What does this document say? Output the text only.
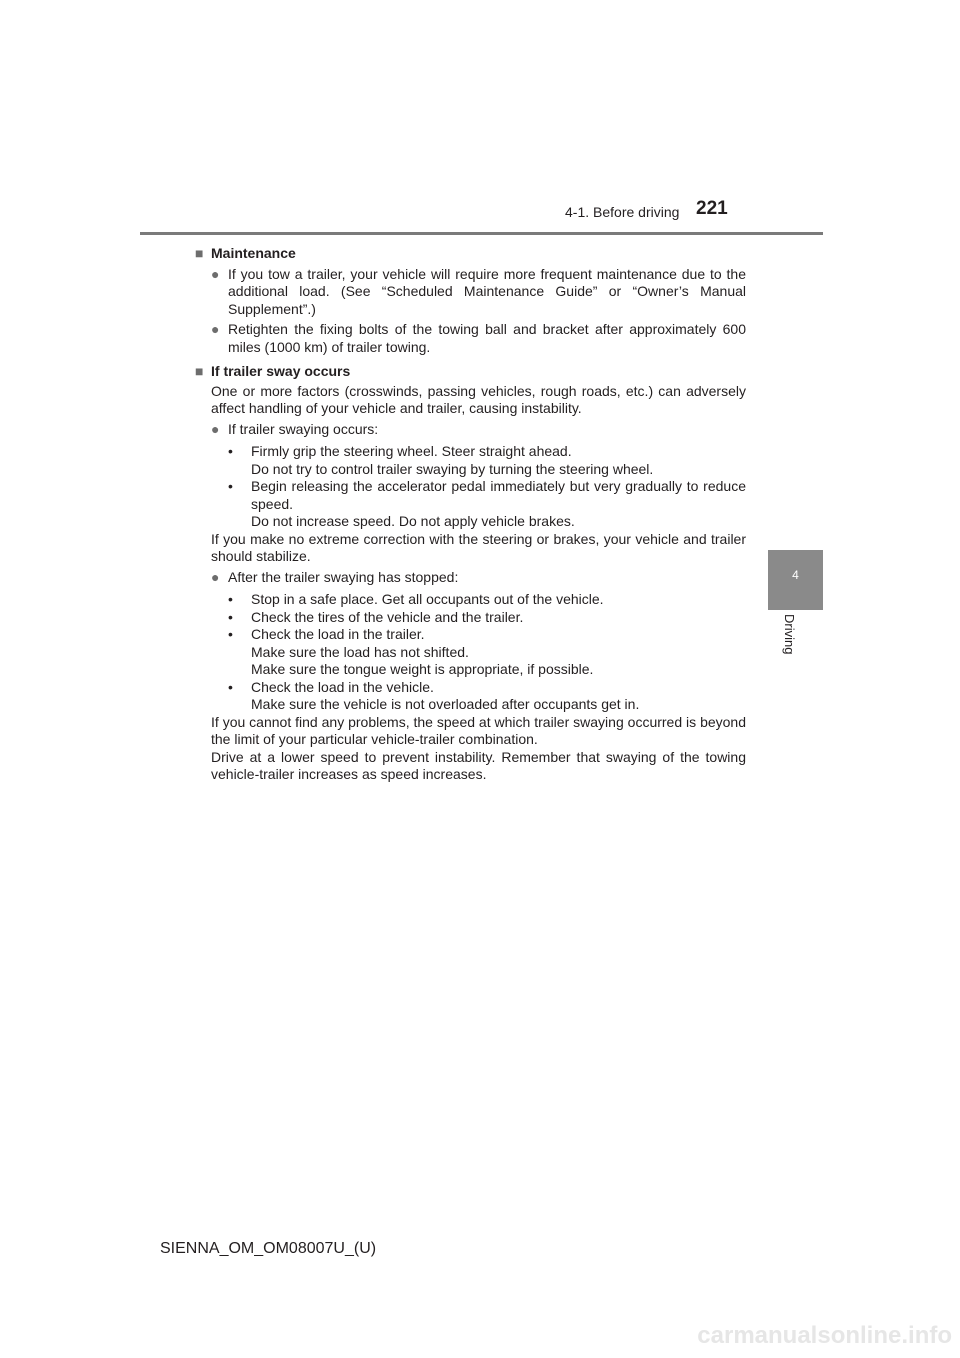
4-1. Before driving 221
4
Driving
■ Maintenance
● If you tow a trailer, your vehicle will require more frequent maintenance due to the additional load. (See “Scheduled Maintenance Guide” or “Owner’s Manual Supplement”.)
● Retighten the fixing bolts of the towing ball and bracket after approximately 600 miles (1000 km) of trailer towing.
■ If trailer sway occurs
One or more factors (crosswinds, passing vehicles, rough roads, etc.) can adversely affect handling of your vehicle and trailer, causing instability.
● If trailer swaying occurs:
• Firmly grip the steering wheel. Steer straight ahead.
Do not try to control trailer swaying by turning the steering wheel.
• Begin releasing the accelerator pedal immediately but very gradually to reduce speed.
Do not increase speed. Do not apply vehicle brakes.
If you make no extreme correction with the steering or brakes, your vehicle and trailer should stabilize.
● After the trailer swaying has stopped:
• Stop in a safe place. Get all occupants out of the vehicle.
• Check the tires of the vehicle and the trailer.
• Check the load in the trailer.
Make sure the load has not shifted.
Make sure the tongue weight is appropriate, if possible.
• Check the load in the vehicle.
Make sure the vehicle is not overloaded after occupants get in.
If you cannot find any problems, the speed at which trailer swaying occurred is beyond the limit of your particular vehicle-trailer combination.
Drive at a lower speed to prevent instability. Remember that swaying of the towing vehicle-trailer increases as speed increases.
SIENNA_OM_OM08007U_(U)
carmanualsonline.info
